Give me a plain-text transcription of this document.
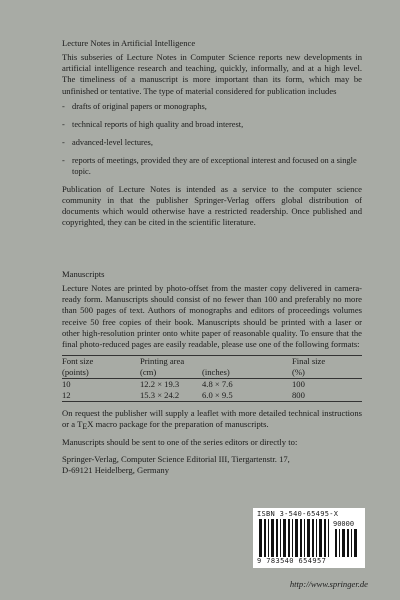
Lecture Notes in Artificial Intelligence

This subseries of Lecture Notes in Computer Science reports new developments in artificial intelligence research and teaching, quickly, informally, and at a high level. The timeliness of a manuscript is more important than its form, which may be unfinished or tentative. The type of material considered for publication includes

- drafts of original papers or monographs,
- technical reports of high quality and broad interest,
- advanced-level lectures,
- reports of meetings, provided they are of exceptional interest and focused on a single topic.

Publication of Lecture Notes is intended as a service to the computer science community in that the publisher Springer-Verlag offers global distribution of documents which would otherwise have a restricted readership. Once published and copyrighted, they can be cited in the scientific literature.

Manuscripts

Lecture Notes are printed by photo-offset from the master copy delivered in camera-ready form. Manuscripts should consist of no fewer than 100 and preferably no more than 500 pages of text. Authors of monographs and editors of proceedings volumes receive 50 free copies of their book. Manuscripts should be printed with a laser or other high-resolution printer onto white paper of reasonable quality. To ensure that the final photo-reduced pages are easily readable, please use one of the following formats:

Font size	Printing area		Final size
(points)	(cm)	(inches)	(%)
10	12.2 × 19.3	4.8 × 7.6	100
12	15.3 × 24.2	6.0 × 9.5	800

On request the publisher will supply a leaflet with more detailed technical instructions or a TEX macro package for the preparation of manuscripts.

Manuscripts should be sent to one of the series editors or directly to:

Springer-Verlag, Computer Science Editorial III, Tiergartenstr. 17,

D-69121 Heidelberg, Germany

ISBN 3-540-65495-X
90000
9 783540 654957
http://www.springer.de
